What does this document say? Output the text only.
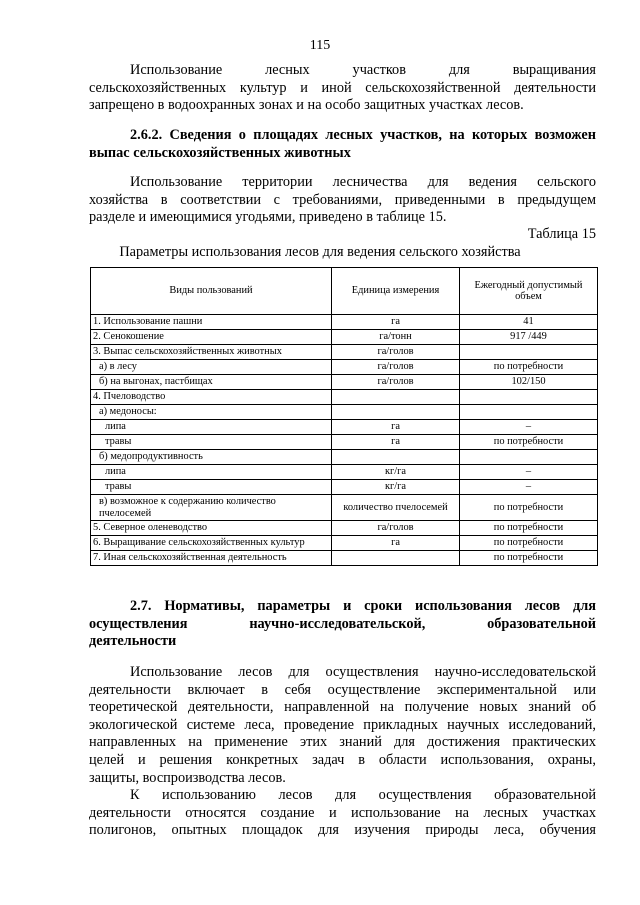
115
Использование лесных участков для выращивания
сельскохозяйственных культур и иной сельскохозяйственной деятельности
запрещено в водоохранных зонах и на особо защитных участках лесов.
2.6.2. Сведения о площадях лесных участков, на которых возможен
выпас сельскохозяйственных животных
Использование территории лесничества для ведения сельского
хозяйства в соответствии с требованиями, приведенными в предыдущем
разделе и имеющимися угодьями, приведено в таблице 15.
Таблица 15
Параметры использования лесов для ведения сельского хозяйства
Виды пользований	Единица измерения	Ежегодный допустимый объем
1. Использование пашни	га	41
2. Сенокошение	га/тонн	917 /449
3. Выпас сельскохозяйственных животных	га/голов	
а) в лесу	га/голов	по потребности
б) на выгонах, пастбищах	га/голов	102/150
4. Пчеловодство		
а) медоносы:		
липа	га	–
травы	га	по потребности
б) медопродуктивность		
липа	кг/га	–
травы	кг/га	–
в) возможное к содержанию количество пчелосемей	количество пчелосемей	по потребности
5. Северное оленеводство	га/голов	по потребности
6. Выращивание сельскохозяйственных культур	га	по потребности
7. Иная сельскохозяйственная деятельность		по потребности
2.7. Нормативы, параметры и сроки использования лесов для
осуществления научно-исследовательской, образовательной
деятельности
Использование лесов для осуществления научно-исследовательской
деятельности включает в себя осуществление экспериментальной или
теоретической деятельности, направленной на получение новых знаний об
экологической системе леса, проведение прикладных научных исследований,
направленных на применение этих знаний для достижения практических
целей и решения конкретных задач в области использования, охраны,
защиты, воспроизводства лесов.
К использованию лесов для осуществления образовательной
деятельности относятся создание и использование на лесных участках
полигонов, опытных площадок для изучения природы леса, обучения
